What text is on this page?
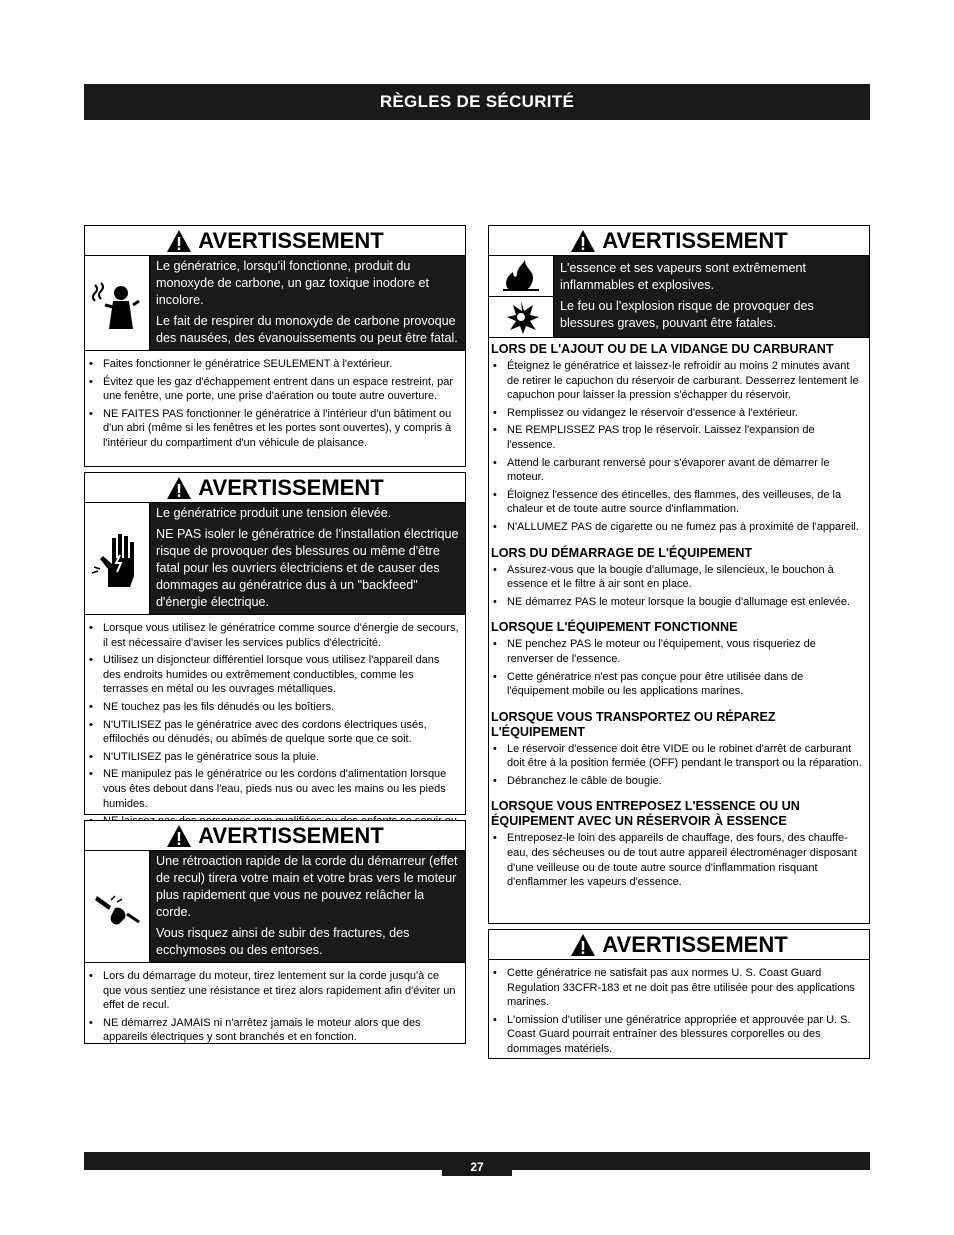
RÈGLES DE SÉCURITÉ
AVERTISSEMENT

Le génératrice, lorsqu'il fonctionne, produit du monoxyde de carbone, un gaz toxique inodore et incolore.

Le fait de respirer du monoxyde de carbone provoque des nausées, des évanouissements ou peut être fatal.

• Faites fonctionner le génératrice SEULEMENT à l'extérieur.
• Évitez que les gaz d'échappement entrent dans un espace restreint, par une fenêtre, une porte, une prise d'aération ou toute autre ouverture.
• NE FAITES PAS fonctionner le génératrice à l'intérieur d'un bâtiment ou d'un abri (même si les fenêtres et les portes sont ouvertes), y compris à l'intérieur du compartiment d'un véhicule de plaisance.
AVERTISSEMENT

Le génératrice produit une tension élevée.

NE PAS isoler le génératrice de l'installation électrique risque de provoquer des blessures ou même d'être fatal pour les ouvriers électriciens et de causer des dommages au génératrice dus à un "backfeed" d'énergie électrique.

• Lorsque vous utilisez le génératrice comme source d'énergie de secours, il est nécessaire d'aviser les services publics d'électricité.
• Utilisez un disjoncteur différentiel lorsque vous utilisez l'appareil dans des endroits humides ou extrêmement conductibles, comme les terrasses en métal ou les ouvrages métalliques.
• NE touchez pas les fils dénudés ou les boîtiers.
• N'UTILISEZ pas le génératrice avec des cordons électriques usés, effilochés ou dénudés, ou abîmés de quelque sorte que ce soit.
• N'UTILISEZ pas le génératrice sous la pluie.
• NE manipulez pas le génératrice ou les cordons d'alimentation lorsque vous êtes debout dans l'eau, pieds nus ou avec les mains ou les pieds humides.
•
AVERTISSEMENT

Une rétroaction rapide de la corde du démarreur (effet de recul) tirera votre main et votre bras vers le moteur plus rapidement que vous ne pouvez relâcher la corde.

Vous risquez ainsi de subir des fractures, des ecchymoses ou des entorses.

• Lors du démarrage du moteur, tirez lentement sur la corde jusqu'à ce que vous sentiez une résistance et tirez alors rapidement afin d'éviter un effet de recul.
• NE démarrez JAMAIS ni n'arrêtez jamais le moteur alors que des appareils électriques y sont branchés et en fonction.
AVERTISSEMENT

L'essence et ses vapeurs sont extrêmement inflammables et explosives.

Le feu ou l'explosion risque de provoquer des blessures graves, pouvant être fatales.

LORS DE L'AJOUT OU DE LA VIDANGE DU CARBURANT
• Éteignez le génératrice et laissez-le refroidir au moins 2 minutes avant de retirer le capuchon du réservoir de carburant. Desserrez lentement le capuchon pour laisser la pression s'échapper du réservoir.
• Remplissez ou vidangez le réservoir d'essence à l'extérieur.
• NE REMPLISSEZ PAS trop le réservoir. Laissez l'expansion de l'essence.
• Attend le carburant renversé pour s'évaporer avant de démarrer le moteur.
• Éloignez l'essence des étincelles, des flammes, des veilleuses, de la chaleur et de toute autre source d'inflammation.
• N'ALLUMEZ PAS de cigarette ou ne fumez pas à proximité de l'appareil.
LORS DU DÉMARRAGE DE L'ÉQUIPEMENT
• Assurez-vous que la bougie d'allumage, le silencieux, le bouchon à essence et le filtre à air sont en place.
• NE démarrez PAS le moteur lorsque la bougie d'allumage est enlevée.
LORSQUE L'ÉQUIPEMENT FONCTIONNE
• NE penchez PAS le moteur ou l'équipement, vous risqueriez de renverser de l'essence.
• Cette génératrice n'est pas conçue pour être utilisée dans de l'équipement mobile ou les applications marines.
LORSQUE VOUS TRANSPORTEZ OU RÉPAREZ L'ÉQUIPEMENT
• Le réservoir d'essence doit être VIDE ou le robinet d'arrêt de carburant doit être à la position fermée (OFF) pendant le transport ou la réparation.
• Débranchez le câble de bougie.
LORSQUE VOUS ENTREPOSEZ L'ESSENCE OU UN ÉQUIPEMENT AVEC UN RÉSERVOIR À ESSENCE
• Entreposez-le loin des appareils de chauffage, des fours, des chauffe-eau, des sécheuses ou de tout autre appareil électroménager disposant d'une veilleuse ou de toute autre source d'inflammation risquant d'enflammer les vapeurs d'essence.
AVERTISSEMENT
• Cette génératrice ne satisfait pas aux normes U. S. Coast Guard Regulation 33CFR-183 et ne doit pas être utilisée pour des applications marines.
• L'omission d'utiliser une génératrice appropriée et approuvée par U. S. Coast Guard pourrait entraîner des blessures corporelles ou des dommages matériels.
27
